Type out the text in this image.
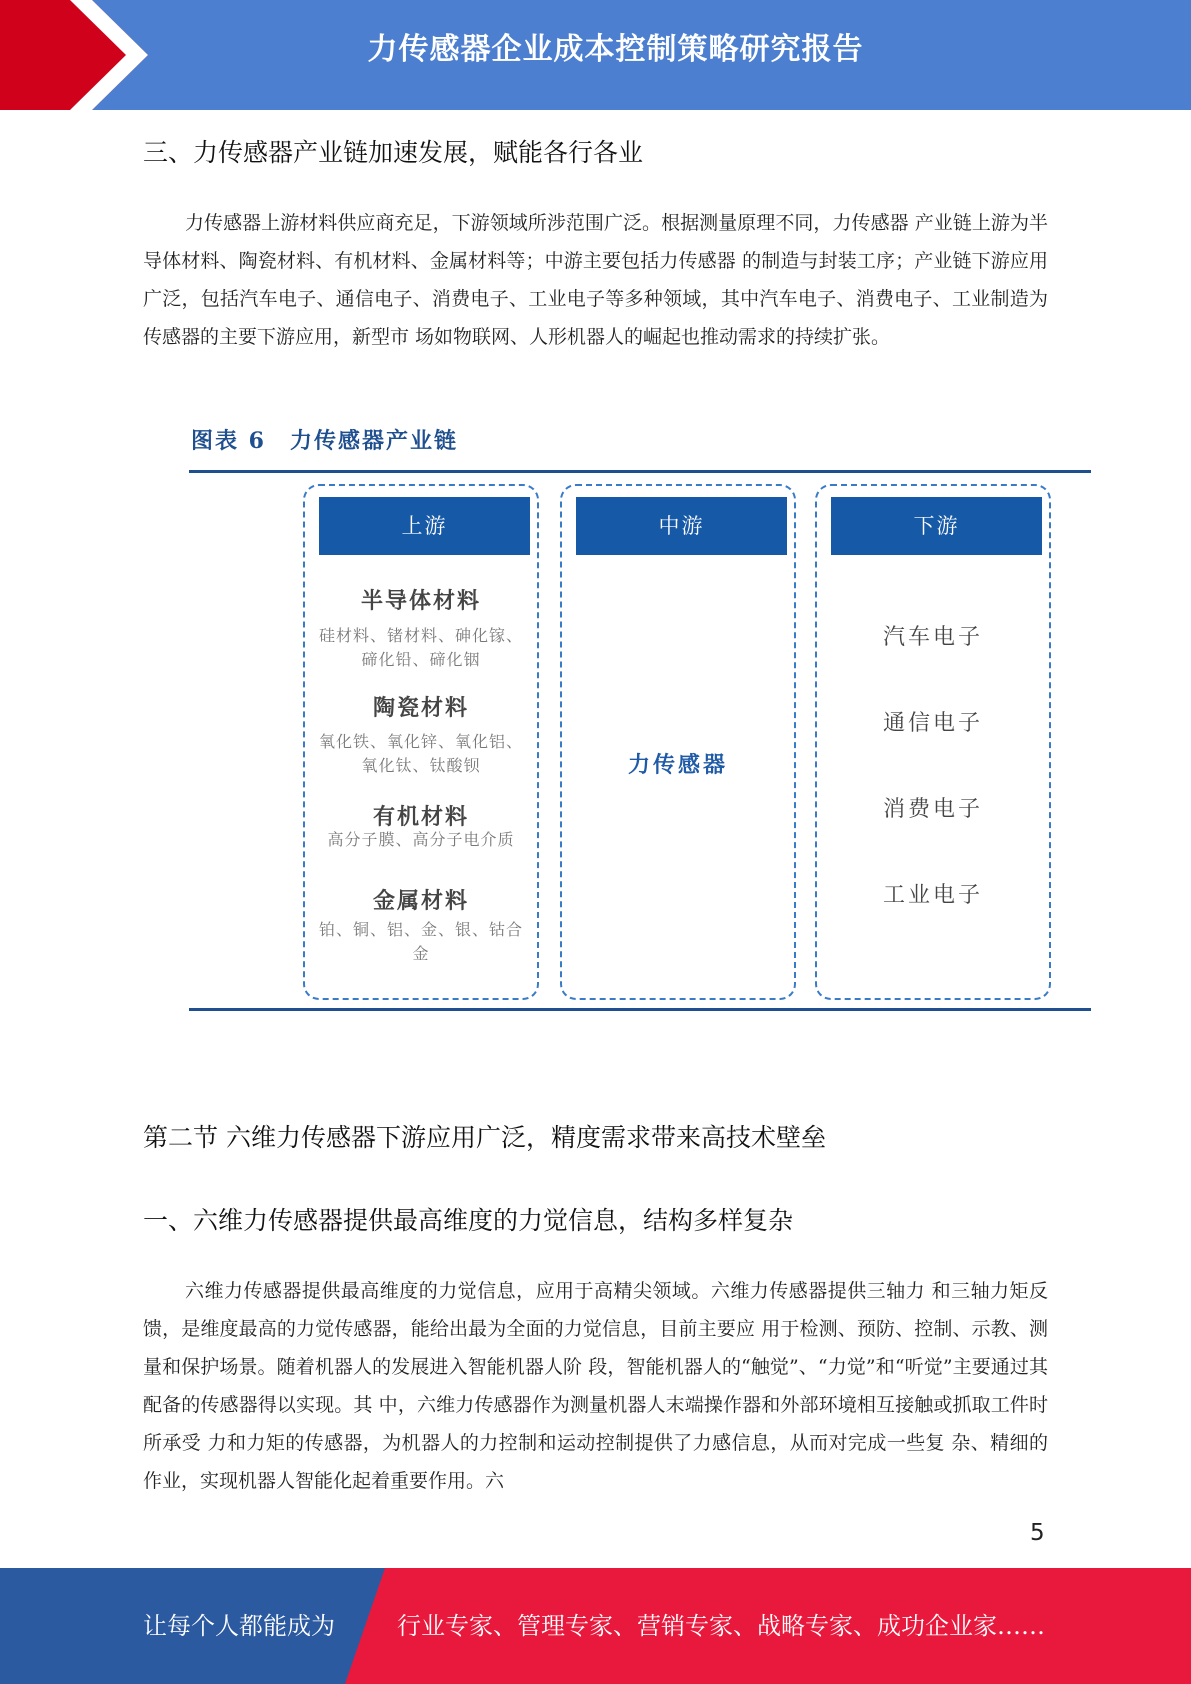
力传感器企业成本控制策略研究报告
三、力传感器产业链加速发展，赋能各行各业
力传感器上游材料供应商充足，下游领域所涉范围广泛。根据测量原理不同，力传感器 产业链上游为半导体材料、陶瓷材料、有机材料、金属材料等；中游主要包括力传感器 的制造与封装工序；产业链下游应用广泛，包括汽车电子、通信电子、消费电子、工业电子等多种领域，其中汽车电子、消费电子、工业制造为传感器的主要下游应用，新型市 场如物联网、人形机器人的崛起也推动需求的持续扩张。
图表 6　力传感器产业链
上游
半导体材料
硅材料、锗材料、砷化镓、碲化铅、碲化铟
陶瓷材料
氧化铁、氧化锌、氧化铝、氧化钛、钛酸钡
有机材料
高分子膜、高分子电介质
金属材料
铂、铜、铝、金、银、钴合金
中游
力传感器
下游
汽车电子
通信电子
消费电子
工业电子
第二节 六维力传感器下游应用广泛，精度需求带来高技术壁垒
一、六维力传感器提供最高维度的力觉信息，结构多样复杂
六维力传感器提供最高维度的力觉信息，应用于高精尖领域。六维力传感器提供三轴力 和三轴力矩反馈，是维度最高的力觉传感器，能给出最为全面的力觉信息，目前主要应 用于检测、预防、控制、示教、测量和保护场景。随着机器人的发展进入智能机器人阶 段，智能机器人的“触觉”、“力觉”和“听觉”主要通过其配备的传感器得以实现。其 中，六维力传感器作为测量机器人末端操作器和外部环境相互接触或抓取工件时所承受 力和力矩的传感器，为机器人的力控制和运动控制提供了力感信息，从而对完成一些复 杂、精细的作业，实现机器人智能化起着重要作用。六
5
让每个人都能成为	行业专家、管理专家、营销专家、战略专家、成功企业家……
